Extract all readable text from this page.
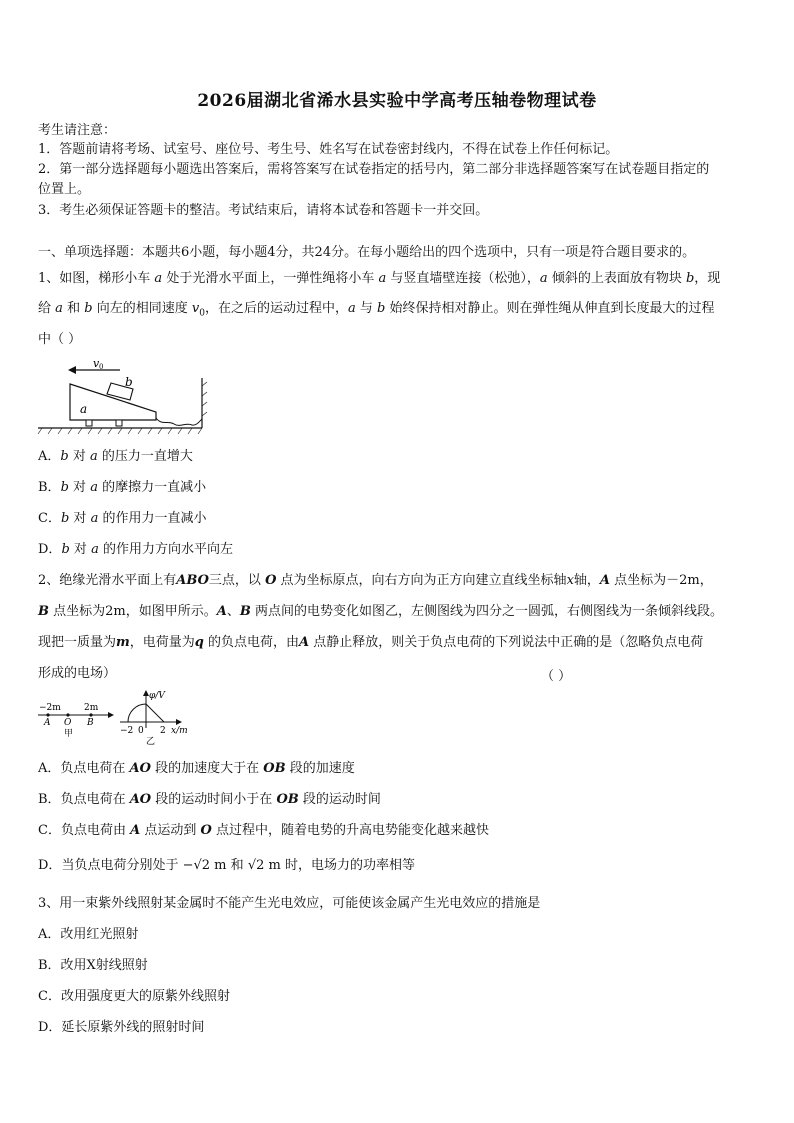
2026届湖北省浠水县实验中学高考压轴卷物理试卷
考生请注意：
1．答题前请将考场、试室号、座位号、考生号、姓名写在试卷密封线内，不得在试卷上作任何标记。
2．第一部分选择题每小题选出答案后，需将答案写在试卷指定的括号内，第二部分非选择题答案写在试卷题目指定的
位置上。
3．考生必须保证答题卡的整洁。考试结束后，请将本试卷和答题卡一并交回。
一、单项选择题：本题共6小题，每小题4分，共24分。在每小题给出的四个选项中，只有一项是符合题目要求的。
1、如图，梯形小车 a 处于光滑水平面上，一弹性绳将小车 a 与竖直墙壁连接（松弛），a 倾斜的上表面放有物块 b，现
给 a 和 b 向左的相同速度 $v_0$，在之后的运动过程中，a 与 b 始终保持相对静止。则在弹性绳从伸直到长度最大的过程
中（ ）
v 0
a
b
A．b 对 a 的压力一直增大
B．b 对 a 的摩擦力一直减小
C．b 对 a 的作用力一直减小
D．b 对 a 的作用力方向水平向左
2、绝缘光滑水平面上有ABO三点，以 O 点为坐标原点，向右方向为正方向建立直线坐标轴x轴，A 点坐标为－2m，
B 点坐标为2m，如图甲所示。A、B 两点间的电势变化如图乙，左侧图线为四分之一圆弧，右侧图线为一条倾斜线段。
现把一质量为m，电荷量为q 的负点电荷，由A 点静止释放，则关于负点电荷的下列说法中正确的是（忽略负点电荷
形成的电场）	（ ）
−2m	2m
A O B
甲
φ/V
−2 0 2 x/m
乙
A．负点电荷在 AO 段的加速度大于在 OB 段的加速度
B．负点电荷在 AO 段的运动时间小于在 OB 段的运动时间
C．负点电荷由 A 点运动到 O 点过程中，随着电势的升高电势能变化越来越快
D．当负点电荷分别处于 −√2 m 和 √2 m 时，电场力的功率相等
3、用一束紫外线照射某金属时不能产生光电效应，可能使该金属产生光电效应的措施是
A．改用红光照射
B．改用X射线照射
C．改用强度更大的原紫外线照射
D．延长原紫外线的照射时间
